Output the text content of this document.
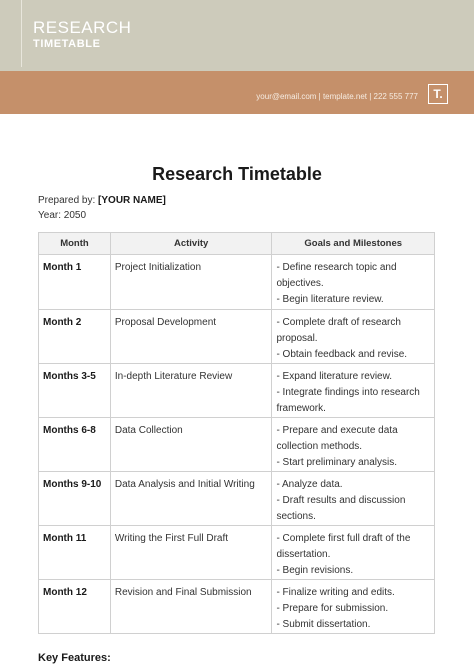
RESEARCH
TIMETABLE
your@email.com | template.net | 222 555 777	T.
Research Timetable
Prepared by: [YOUR NAME]
Year: 2050
Month	Activity	Goals and Milestones
Month 1	Project Initialization	- Define research topic and
objectives.
- Begin literature review.

Month 2	Proposal Development	- Complete draft of research
proposal.
- Obtain feedback and revise.

Months 3-5	In-depth Literature Review	- Expand literature review.
- Integrate findings into research
framework.

Months 6-8	Data Collection	- Prepare and execute data
collection methods.
- Start preliminary analysis.

Months 9-10	Data Analysis and Initial Writing	- Analyze data.
- Draft results and discussion
sections.

Month 11	Writing the First Full Draft	- Complete first full draft of the
dissertation.
- Begin revisions.

Month 12	Revision and Final Submission	- Finalize writing and edits.
- Prepare for submission.
- Submit dissertation.
Key Features:
